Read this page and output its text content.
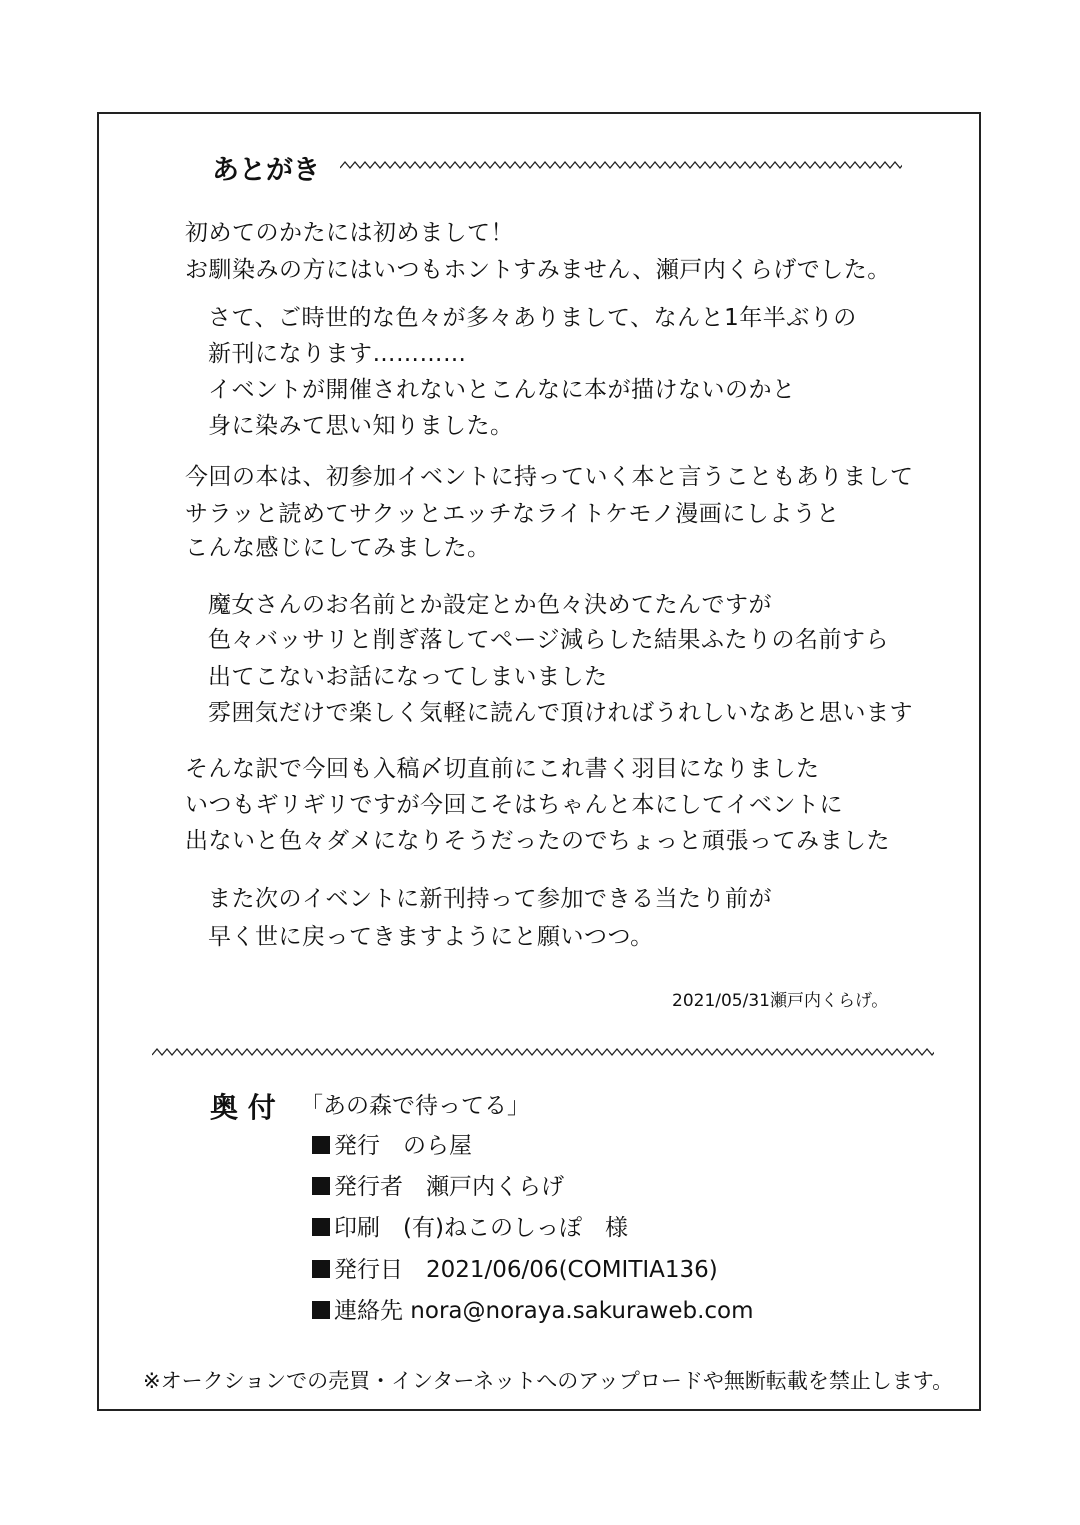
あとがき
初めてのかたには初めまして！
お馴染みの方にはいつもホントすみません、瀬戸内くらげでした。
さて、ご時世的な色々が多々ありまして、なんと1年半ぶりの
新刊になります…………
イベントが開催されないとこんなに本が描けないのかと
身に染みて思い知りました。
今回の本は、初参加イベントに持っていく本と言うこともありまして
サラッと読めてサクッとエッチなライトケモノ漫画にしようと
こんな感じにしてみました。
魔女さんのお名前とか設定とか色々決めてたんですが
色々バッサリと削ぎ落してページ減らした結果ふたりの名前すら
出てこないお話になってしまいました
雰囲気だけで楽しく気軽に読んで頂ければうれしいなあと思います
そんな訳で今回も入稿〆切直前にこれ書く羽目になりました
いつもギリギリですが今回こそはちゃんと本にしてイベントに
出ないと色々ダメになりそうだったのでちょっと頑張ってみました
また次のイベントに新刊持って参加できる当たり前が
早く世に戻ってきますようにと願いつつ。
2021/05/31瀬戸内くらげ。
奥 付 「あの森で待ってる」
発行　のら屋
発行者　瀬戸内くらげ
印刷　(有)ねこのしっぽ　様
発行日　2021/06/06(COMITIA136)
連絡先 nora@noraya.sakuraweb.com
※オークションでの売買・インターネットへのアップロードや無断転載を禁止します。
